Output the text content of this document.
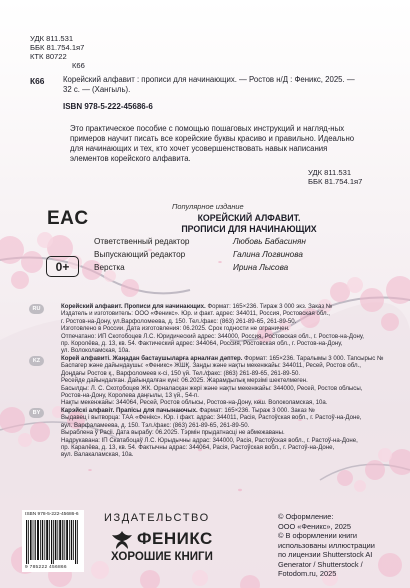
УДК 811.531
ББК 81.754.1я7
КТК 80722
К66
К66 Корейский алфавит : прописи для начинающих. — Ростов н/Д : Феникс, 2025. — 32 с. — (Хангыль).
ISBN 978-5-222-45686-6
Это практическое пособие с помощью пошаговых инструкций и нагляд-ных примеров научит писать все корейские буквы красиво и правильно. Идеально для начинающих и тех, кто хочет усовершенствовать навык написания элементов корейского алфавита.
УДК 811.531
ББК 81.754.1я7
Популярное издание
КОРЕЙСКИЙ АЛФАВИТ.
ПРОПИСИ ДЛЯ НАЧИНАЮЩИХ
EAC
0+
Ответственный редактор	Любовь Бабасинян
Выпускающий редактор	Галина Логвинова
Верстка	Ирина Лысова
RU	Корейский алфавит. Прописи для начинающих. Формат: 165×236. Тираж 3 000 экз. Заказ №
Издатель и изготовитель: ООО «Феникс». Юр. и факт. адрес: 344011, Россия, Ростовская обл.,
г. Ростов-на-Дону, ул.Варфоломеева, д. 150. Тел./факс: (863) 261-89-65, 261-89-50.
Изготовлено в России. Дата изготовления: 06.2025. Срок годности не ограничен.
Отпечатано: ИП Скотобоцев Л.С. Юридический адрес: 344000, Россия, Ростовская обл., г. Ростов-на-Дону,
пр. Королёва, д. 13, кв. 54. Фактический адрес: 344064, Россия, Ростовская обл., г. Ростов-на-Дону,
ул. Волоколамская, 10а.
KZ	Корей алфавиті. Жаңадан бастаушыларға арналған дәптер. Формат: 165×236. Таралымы 3 000. Тапсырыс №
Баспагер және дайындаушы: «Феникс» ЖШҚ. Заңды және нақты мекенжайы: 344011, Ресей, Ростов обл.,
Доңдағы Ростов қ., Варфоломеев к-сі, 150 үй. Тел./факс: (863) 261-89-65, 261-89-50.
Ресейде дайындалған. Дайындалған күні: 06.2025. Жарамдылық мерзімі шектелмеген.
Басылды: Л. С. Скотобоцев ЖК. Орналасқан жері және нақты мекенжайы: 344000, Ресей, Ростов облысы,
Ростов-на-Дону, Королева даңғылы, 13 үй., 54-п.
Нақты мекенжайы: 344064, Ресей, Ростов облысы, Ростов-на-Дону, көш. Волоколамская, 10а.
BY	Карэйскі алфавіт. Прапісы для пачынаючых. Фармат: 165×236. Тыраж 3 000. Заказ №
Выдавец і вытворца: ТАА «Фенікс». Юр. і факт. адрас: 344011, Расія, Растоўская вобл., г. Растоў-на-Доне,
вул. Варфаламеева, д. 150. Тэл./факс: (863) 261-89-65, 261-89-50.
Выраблена ў Расіі. Дата вырабу: 06.2025. Тэрмін прыдатнасці не абмежаваны.
Надрукавана: ІП Скатабоцаў Л.С. Юрыдычны адрас: 344000, Расія, Растоўская вобл., г. Растоў-на-Доне,
пр. Каралёва, д. 13, кв. 54. Фактычны адрас: 344064, Расія, Растоўская вобл., г. Растоў-на-Доне,
вул. Валакаламская, 10а.
ISBN 978-5-222-45686-6
9 785222 456866
ИЗДАТЕЛЬСТВО
ФЕНИКС
ХОРОШИЕ КНИГИ
© Оформление:
ООО «Феникс», 2025
© В оформлении книги
использованы иллюстрации
по лицензии Shutterstock AI
Generator / Shutterstock /
Fotodom.ru, 2025
